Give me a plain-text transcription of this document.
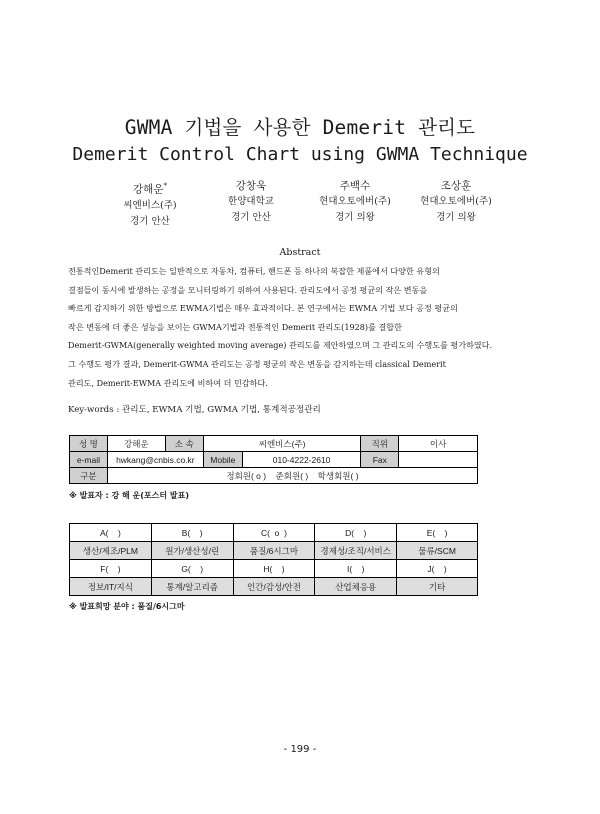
GWMA 기법을 사용한 Demerit 관리도
Demerit Control Chart using GWMA Technique
강해운*
씨엔비스(주)
경기 안산
강창욱
한양대학교
경기 안산
주백수
현대오토에버(주)
경기 의왕
조상훈
현대오토에버(주)
경기 의왕
Abstract
전통적인Demerit 관리도는 일반적으로 자동차, 컴퓨터, 핸드폰 등 하나의 복잡한 제품에서 다양한 유형의
결점들이 동시에 발생하는 공정을 모니터링하기 위하여 사용된다. 관리도에서 공정 평균의 작은 변동을
빠르게 감지하기 위한 방법으로 EWMA기법은 매우 효과적이다. 본 연구에서는 EWMA 기법 보다 공정 평균의
작은 변동에 더 좋은 성능을 보이는 GWMA기법과 전통적인 Demerit 관리도(1928)를 결합한
Demerit-GWMA(generally weighted moving average) 관리도를 제안하였으며 그 관리도의 수행도를 평가하였다.
그 수행도 평가 결과, Demerit-GWMA 관리도는 공정 평균의 작은 변동을 감지하는데 classical Demerit
관리도, Demerit-EWMA 관리도에 비하여 더 민감하다.
Key-words : 관리도, EWMA 기법, GWMA 기법, 통계적공정관리
성 명	강해운	소 속	씨엔비스(주)	직위	이사
e-mail	hwkang@cnbis.co.kr		Mobile 010-4222-2610	Fax	
구분	정회원( o )    준회원( )    학생회원( )				
※ 발표자 : 강 해 운(포스터 발표)
A(    )	B(    )	C(  o  )	D(    )	E(    )
생산/제조/PLM	원가/생산성/린	품질/6시그마	경제성/조직/서비스	물류/SCM
F(    )	G(    )	H(    )	I(    )	J(    )
정보/IT/지식	통계/알고리즘	인간/감성/안전	산업체응용	기타
※ 발표희망 분야 : 품질/6시그마
- 199 -
